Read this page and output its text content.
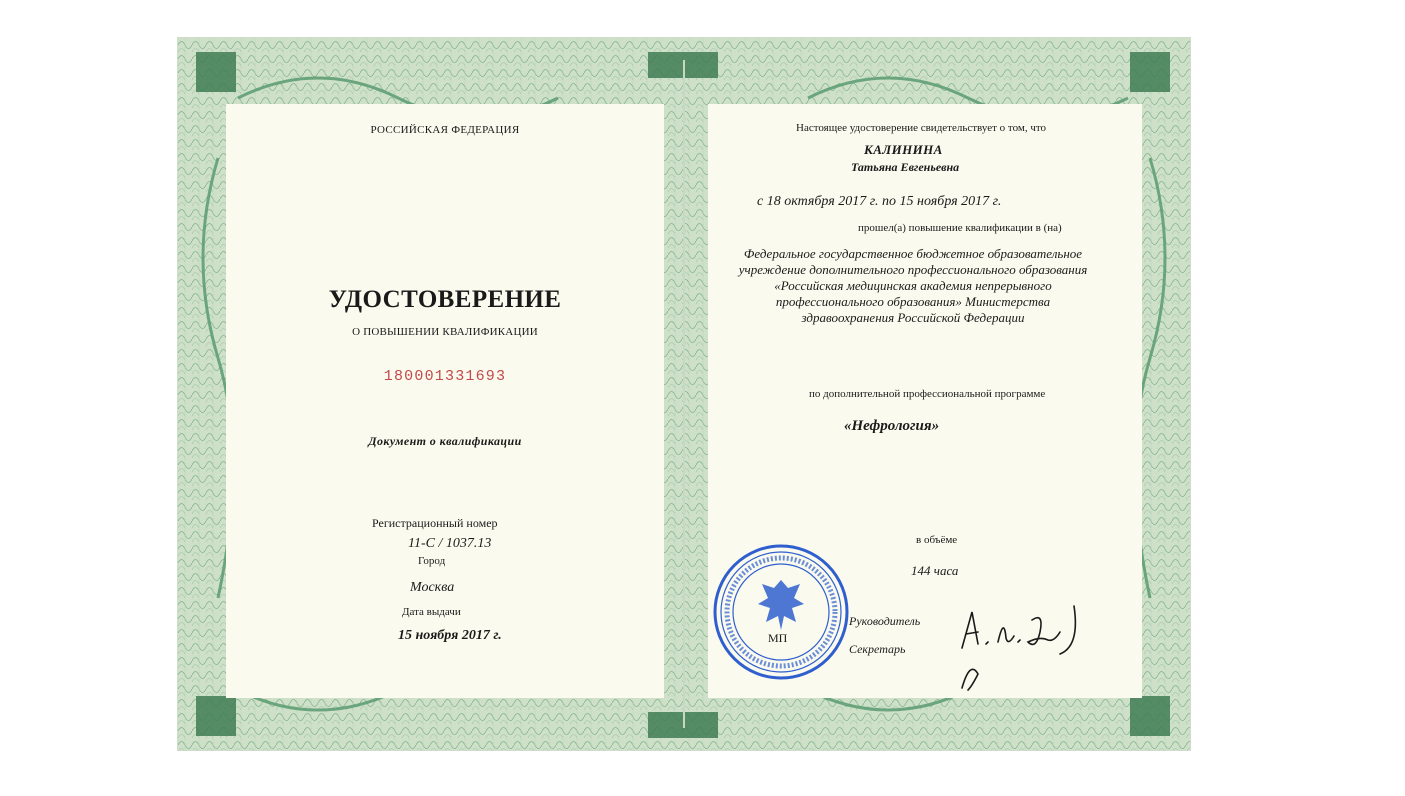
РОССИЙСКАЯ ФЕДЕРАЦИЯ
УДОСТОВЕРЕНИЕ
О ПОВЫШЕНИИ КВАЛИФИКАЦИИ
180001331693
Документ о квалификации
Регистрационный номер
11-С / 1037.13
Город
Москва
Дата выдачи
15 ноября 2017 г.
Настоящее удостоверение свидетельствует о том, что
КАЛИНИНА
Татьяна Евгеньевна
с 18 октября 2017 г. по 15 ноября 2017 г.
прошел(а) повышение квалификации в (на)
Федеральное государственное бюджетное образовательное
учреждение дополнительного профессионального образования
«Российская медицинская академия непрерывного
профессионального образования» Министерства
здравоохранения Российской Федерации
по дополнительной профессиональной программе
«Нефрология»
в объёме
144 часа
Руководитель
Секретарь
МП
